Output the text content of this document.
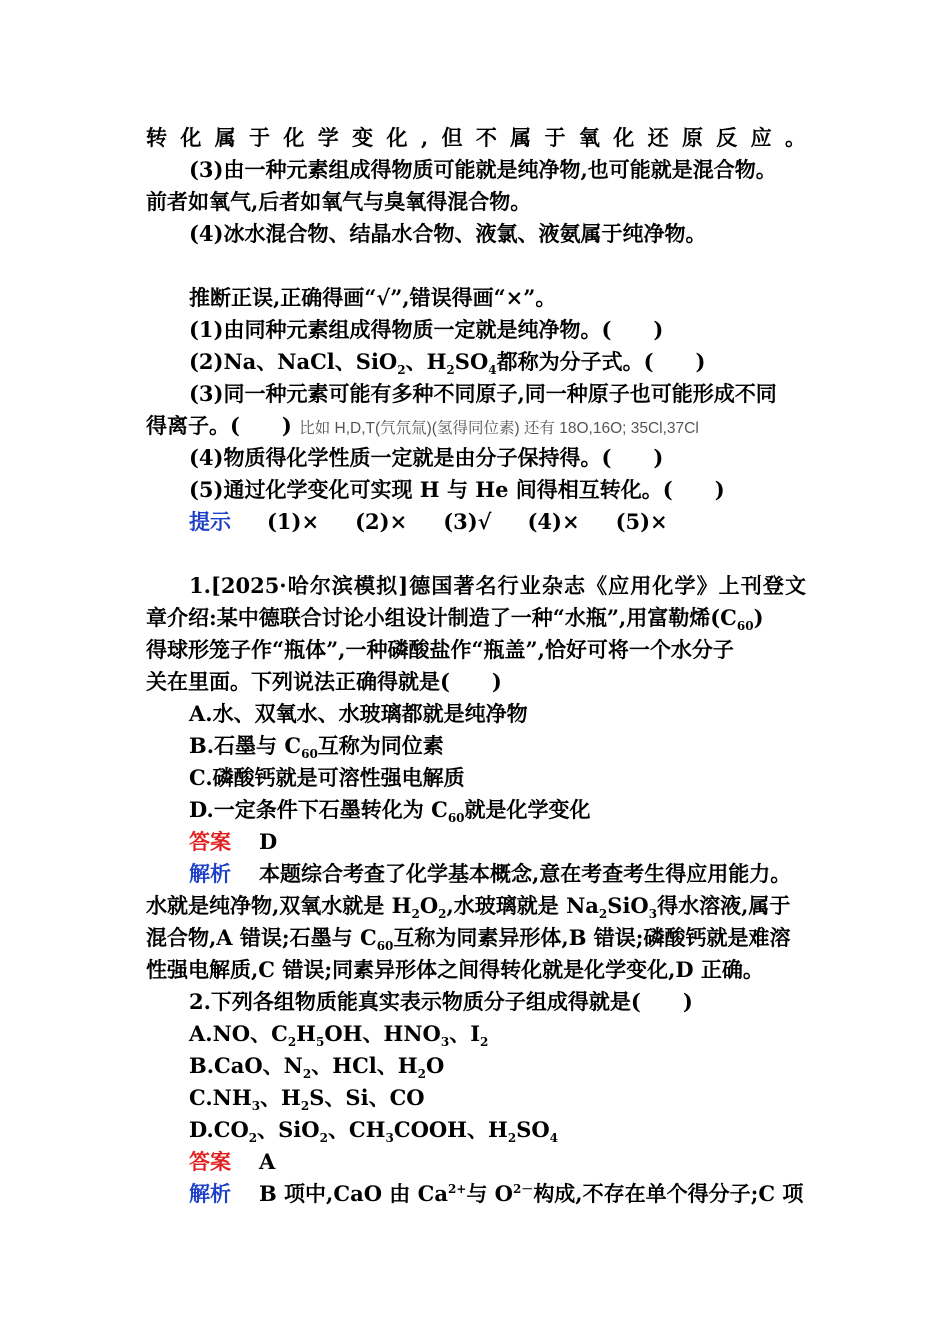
转化属于化学变化,但不属于氧化还原反应。
(3)由一种元素组成得物质可能就是纯净物,也可能就是混合物。
前者如氧气,后者如氧气与臭氧得混合物。
(4)冰水混合物、结晶水合物、液氯、液氨属于纯净物。
推断正误,正确得画“√”,错误得画“×”。
(1)由同种元素组成得物质一定就是纯净物。(　　)
(2)Na、NaCl、SiO$_2$、$H_2SO_4$都称为分子式。(　　)
(3)同一种元素可能有多种不同原子,同一种原子也可能形成不同
得离子。(　　) 比如 H,D,T(氕氘氚)(氢得同位素) 还有 18O,16O; 35Cl,37Cl
(4)物质得化学性质一定就是由分子保持得。(　　)
(5)通过化学变化可实现 H 与 He 间得相互转化。(　　)
提示 (1)× (2)× (3)√ (4)× (5)×
1.[2025·哈尔滨模拟]德国著名行业杂志《应用化学》上刊登文
章介绍:某中德联合讨论小组设计制造了一种“水瓶”,用富勒烯$(C_{60})$
得球形笼子作“瓶体”,一种磷酸盐作“瓶盖”,恰好可将一个水分子
关在里面。下列说法正确得就是(　　)
A.水、双氧水、水玻璃都就是纯净物
B.石墨与 $C_{60}$互称为同位素
C.磷酸钙就是可溶性强电解质
D.一定条件下石墨转化为 $C_{60}$就是化学变化
答案 D
解析 本题综合考查了化学基本概念,意在考查考生得应用能力。
水就是纯净物,双氧水就是 $H_2O_2$,水玻璃就是 $Na_2SiO_3$得水溶液,属于
混合物,A 错误;石墨与 $C_{60}$互称为同素异形体,B 错误;磷酸钙就是难溶
性强电解质,C 错误;同素异形体之间得转化就是化学变化,D 正确。
2.下列各组物质能真实表示物质分子组成得就是(　　)
A.NO、$C_2H_5OH$、$HNO_3$、$I_2$
B.CaO、$N_2$、HCl、$H_2O$
$C.NH_3$、$H_2S$、Si、CO
$D.CO_2$、SiO$_2$、$CH_3COOH$、$H_2SO_4$
答案 A
解析 B 项中,CaO 由 $Ca^{2+}$与 $O^{2-}$构成,不存在单个得分子;C 项
